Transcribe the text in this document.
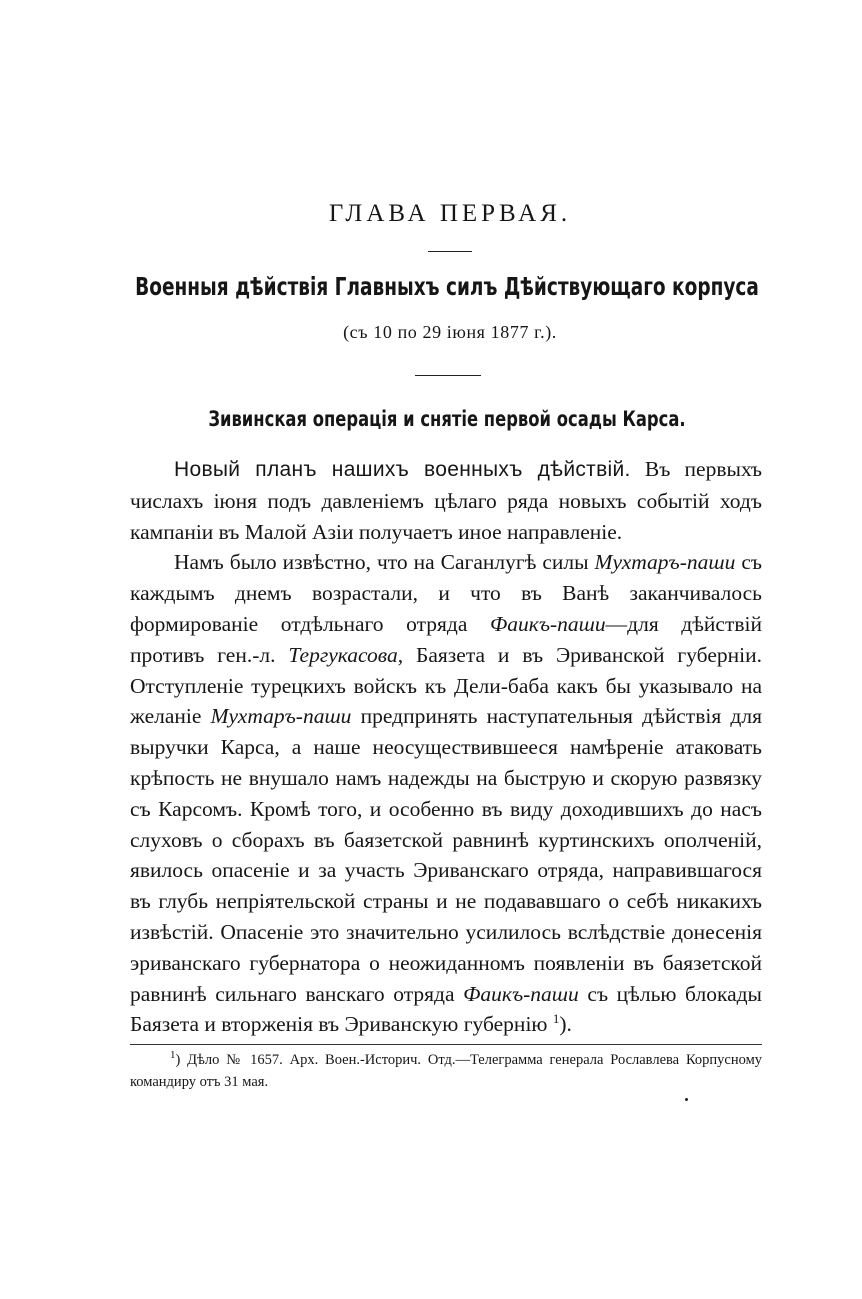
ГЛАВА ПЕРВАЯ.
Военныя дѣйствія Главныхъ силъ Дѣйствующаго корпуса
(съ 10 по 29 іюня 1877 г.).
Зивинская операція и снятіе первой осады Карса.

Новый планъ нашихъ военныхъ дѣйствій. Въ первыхъ числахъ іюня подъ давленіемъ цѣлаго ряда новыхъ событій ходъ кампаніи въ Малой Азіи получаетъ иное направленіе.

Намъ было извѣстно, что на Саганлугѣ силы Мухтаръ-паши съ каждымъ днемъ возрастали, и что въ Ванѣ заканчивалось формированіе отдѣльнаго отряда Фаикъ-паши—для дѣйствій противъ ген.-л. Тергукасова, Баязета и въ Эриванской губерніи. Отступленіе турецкихъ войскъ къ Дели-баба какъ бы указывало на желаніе Мухтаръ-паши предпринять наступательныя дѣйствія для выручки Карса, а наше неосуществившееся намѣреніе атаковать крѣпость не внушало намъ надежды на быструю и скорую развязку съ Карсомъ. Кромѣ того, и особенно въ виду доходившихъ до насъ слуховъ о сборахъ въ баязетской равнинѣ куртинскихъ ополченій, явилось опасеніе и за участь Эриванскаго отряда, направившагося въ глубь непріятельской страны и не подававшаго о себѣ никакихъ извѣстій. Опасеніе это значительно усилилось вслѣдствіе донесенія эриванскаго губернатора о неожиданномъ появленіи въ баязетской равнинѣ сильнаго ванскаго отряда Фаикъ-паши съ цѣлью блокады Баязета и вторженія въ Эриванскую губернію $^1$).

$^1$) Дѣло № 1657. Арх. Воен.-Историч. Отд.—Телеграмма генерала Рославлева Корпусному командиру отъ 31 мая.
